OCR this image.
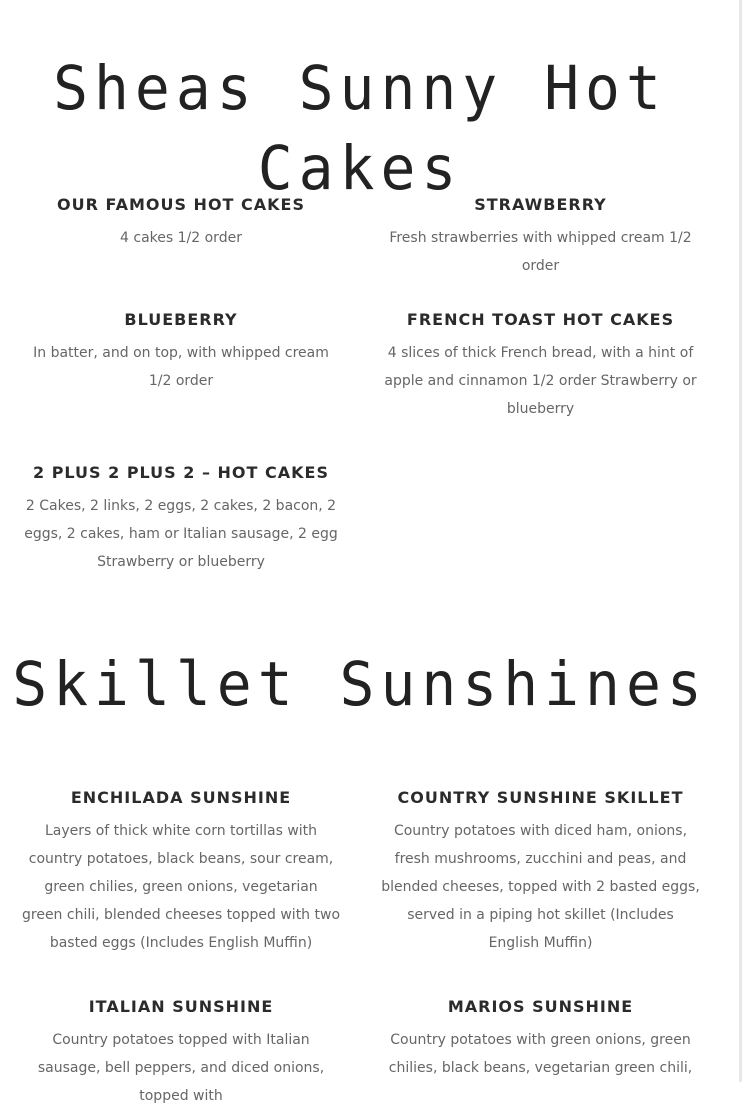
Sheas Sunny Hot Cakes
OUR FAMOUS HOT CAKES
4 cakes 1/2 order
STRAWBERRY
Fresh strawberries with whipped cream 1/2 order
BLUEBERRY
In batter, and on top, with whipped cream 1/2 order
FRENCH TOAST HOT CAKES
4 slices of thick French bread, with a hint of apple and cinnamon 1/2 order Strawberry or blueberry
2 PLUS 2 PLUS 2 – HOT CAKES
2 Cakes, 2 links, 2 eggs, 2 cakes, 2 bacon, 2 eggs, 2 cakes, ham or Italian sausage, 2 egg Strawberry or blueberry
Skillet Sunshines
ENCHILADA SUNSHINE
Layers of thick white corn tortillas with country potatoes, black beans, sour cream, green chilies, green onions, vegetarian green chili, blended cheeses topped with two basted eggs (Includes English Muffin)
COUNTRY SUNSHINE SKILLET
Country potatoes with diced ham, onions, fresh mushrooms, zucchini and peas, and blended cheeses, topped with 2 basted eggs, served in a piping hot skillet (Includes English Muffin)
ITALIAN SUNSHINE
Country potatoes topped with Italian sausage, bell peppers, and diced onions, topped with
MARIOS SUNSHINE
Country potatoes with green onions, green chilies, black beans, vegetarian green chili,
